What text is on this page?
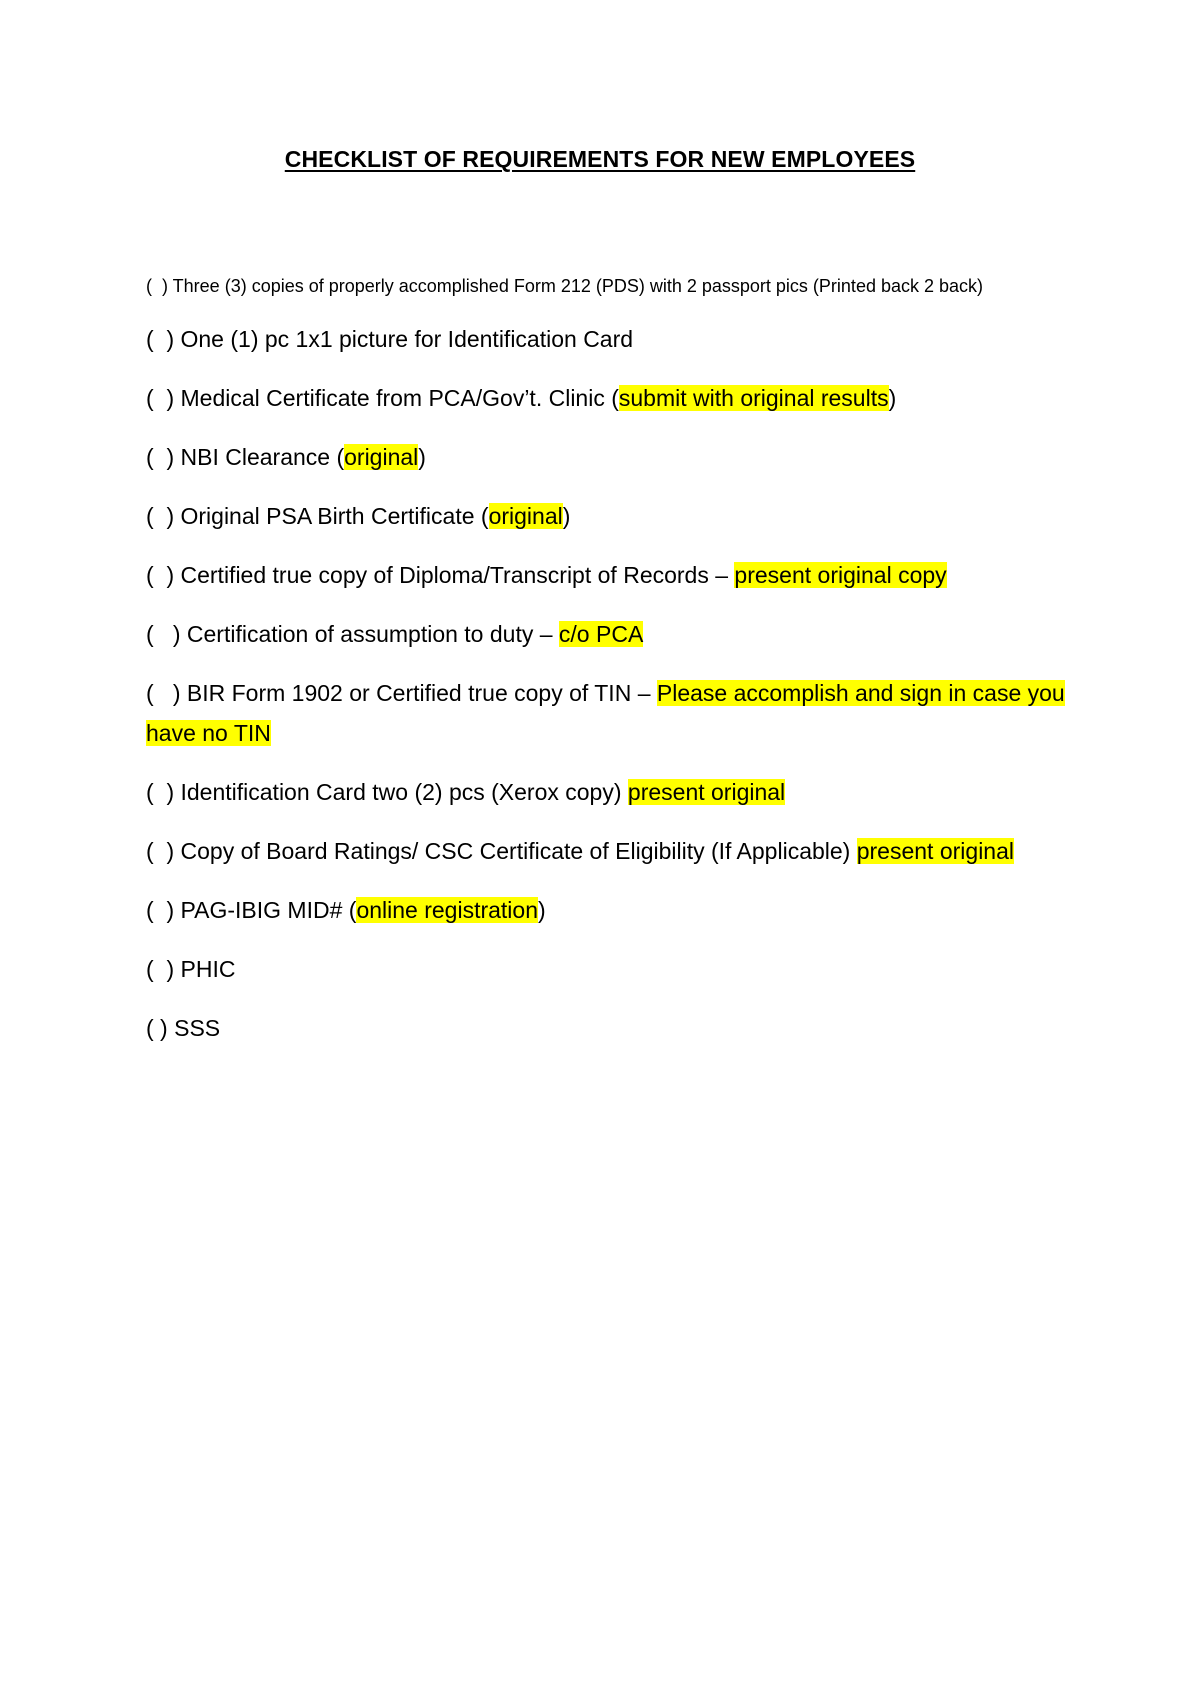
CHECKLIST OF REQUIREMENTS FOR NEW EMPLOYEES
(  ) Three (3) copies of properly accomplished Form 212 (PDS) with 2 passport pics (Printed back 2 back)
(  ) One (1) pc 1x1 picture for Identification Card
(  ) Medical Certificate from PCA/Gov’t. Clinic (submit with original results)
(  ) NBI Clearance (original)
(  ) Original PSA Birth Certificate (original)
(  ) Certified true copy of Diploma/Transcript of Records – present original copy
(   ) Certification of assumption to duty – c/o PCA
(   ) BIR Form 1902 or Certified true copy of TIN – Please accomplish and sign in case you have no TIN
(  ) Identification Card two (2) pcs (Xerox copy) present original
(  ) Copy of Board Ratings/ CSC Certificate of Eligibility (If Applicable) present original
(  ) PAG-IBIG MID# (online registration)
(  ) PHIC
( ) SSS
